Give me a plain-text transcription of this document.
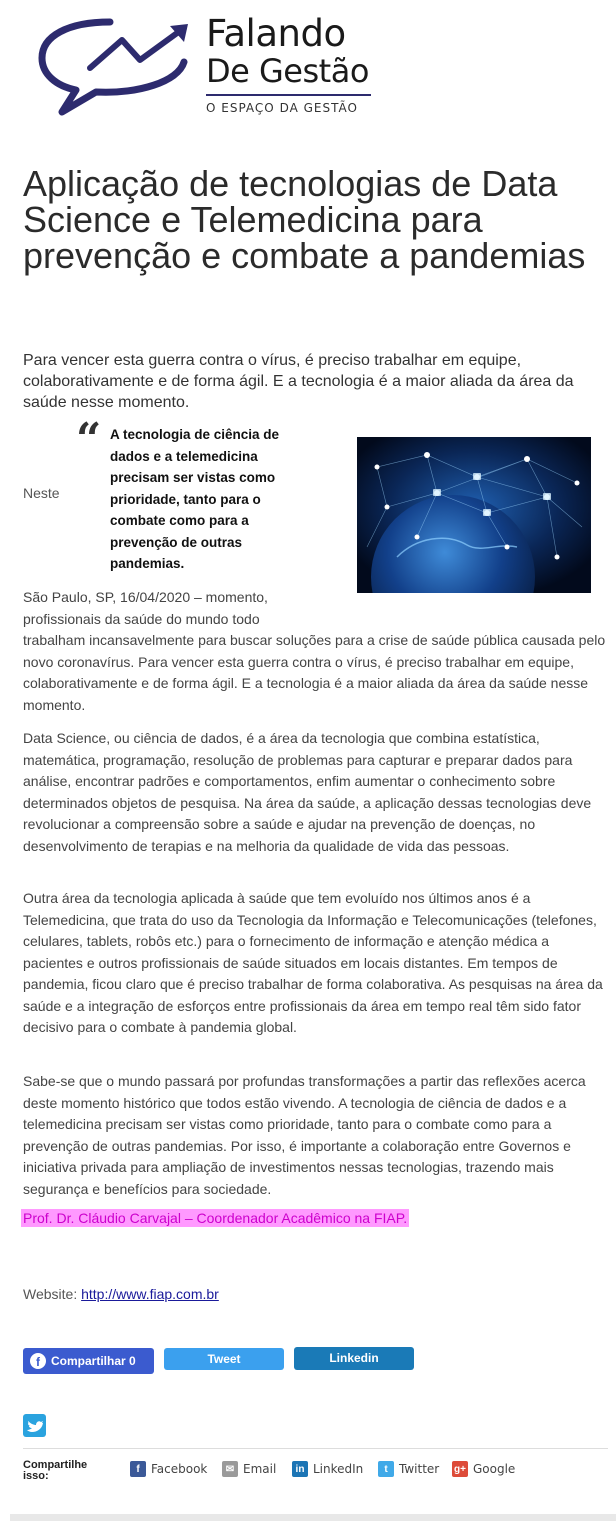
Falando
De Gestão
O ESPAÇO DA GESTÃO
Aplicação de tecnologias de Data Science e Telemedicina para prevenção e combate a pandemias

Para vencer esta guerra contra o vírus, é preciso trabalhar em equipe, colaborativamente e de forma ágil. E a tecnologia é a maior aliada da área da saúde nesse momento.

“ A tecnologia de ciência de dados e a telemedicina precisam ser vistas como prioridade, tanto para o combate como para a prevenção de outras pandemias.
Neste

São Paulo, SP, 16/04/2020 – momento, profissionais da saúde do mundo todo

trabalham incansavelmente para buscar soluções para a crise de saúde pública causada pelo novo coronavírus. Para vencer esta guerra contra o vírus, é preciso trabalhar em equipe, colaborativamente e de forma ágil. E a tecnologia é a maior aliada da área da saúde nesse momento.

Data Science, ou ciência de dados, é a área da tecnologia que combina estatística, matemática, programação, resolução de problemas para capturar e preparar dados para análise, encontrar padrões e comportamentos, enfim aumentar o conhecimento sobre determinados objetos de pesquisa. Na área da saúde, a aplicação dessas tecnologias deve revolucionar a compreensão sobre a saúde e ajudar na prevenção de doenças, no desenvolvimento de terapias e na melhoria da qualidade de vida das pessoas.

Outra área da tecnologia aplicada à saúde que tem evoluído nos últimos anos é a Telemedicina, que trata do uso da Tecnologia da Informação e Telecomunicações (telefones, celulares, tablets, robôs etc.) para o fornecimento de informação e atenção médica a pacientes e outros profissionais de saúde situados em locais distantes. Em tempos de pandemia, ficou claro que é preciso trabalhar de forma colaborativa. As pesquisas na área da saúde e a integração de esforços entre profissionais da área em tempo real têm sido fator decisivo para o combate à pandemia global.

Sabe-se que o mundo passará por profundas transformações a partir das reflexões acerca deste momento histórico que todos estão vivendo. A tecnologia de ciência de dados e a telemedicina precisam ser vistas como prioridade, tanto para o combate como para a prevenção de outras pandemias. Por isso, é importante a colaboração entre Governos e iniciativa privada para ampliação de investimentos nessas tecnologias, trazendo mais segurança e benefícios para sociedade.

Prof. Dr. Cláudio Carvajal – Coordenador Acadêmico na FIAP.
Website: http://www.fiap.com.br
f Compartilhar 0	Tweet	Linkedin
Compartilhe isso:
f Facebook	✉ Email	in LinkedIn	t Twitter g+ Google
